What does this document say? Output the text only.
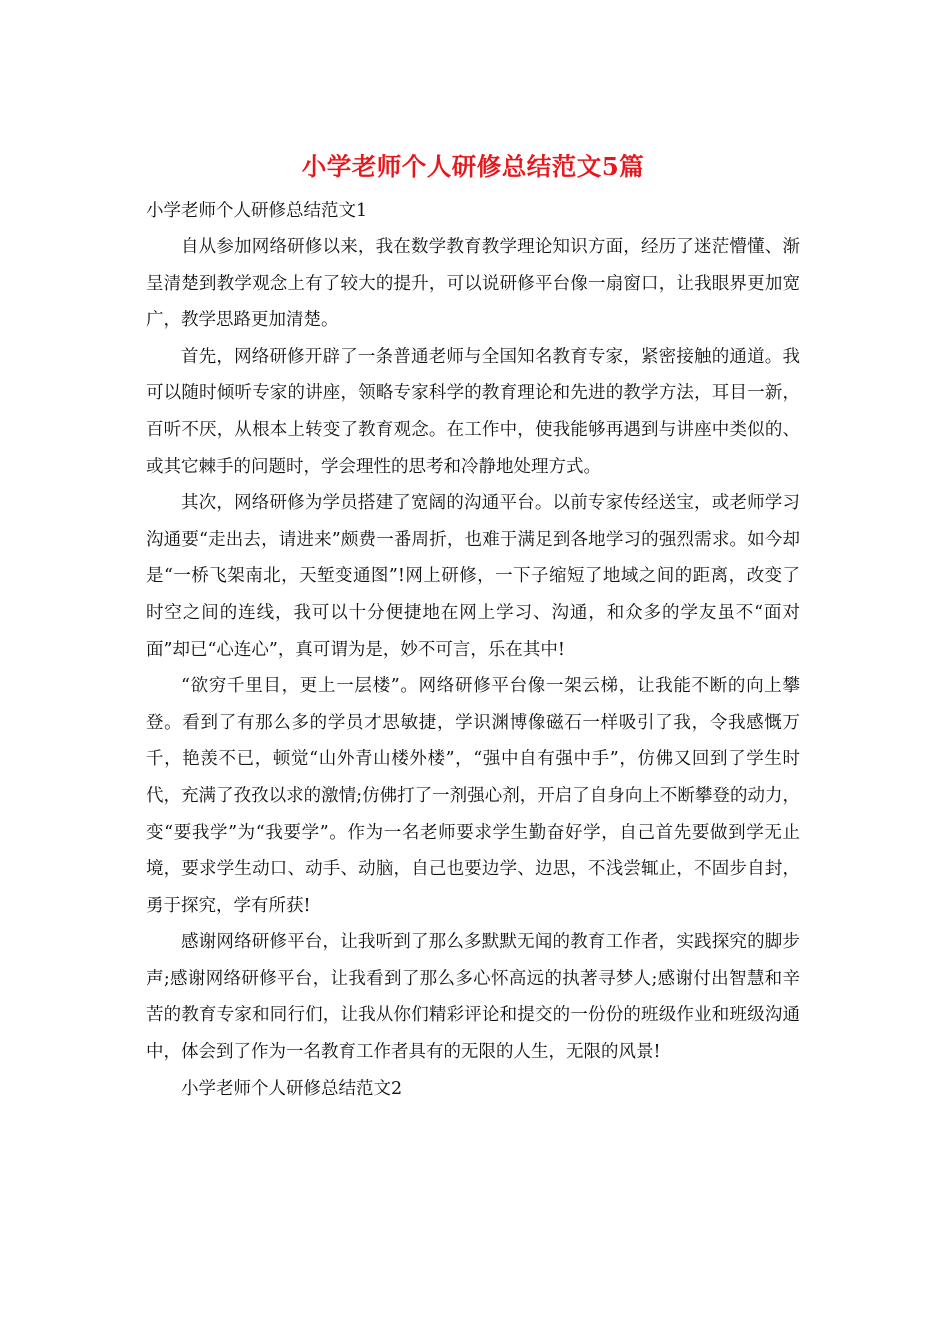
小学老师个人研修总结范文5篇

小学老师个人研修总结范文1

自从参加网络研修以来，我在数学教育教学理论知识方面，经历了迷茫懵懂、渐呈清楚到教学观念上有了较大的提升，可以说研修平台像一扇窗口，让我眼界更加宽广，教学思路更加清楚。

首先，网络研修开辟了一条普通老师与全国知名教育专家，紧密接触的通道。我可以随时倾听专家的讲座，领略专家科学的教育理论和先进的教学方法，耳目一新，百听不厌，从根本上转变了教育观念。在工作中，使我能够再遇到与讲座中类似的、或其它棘手的问题时，学会理性的思考和冷静地处理方式。

其次，网络研修为学员搭建了宽阔的沟通平台。以前专家传经送宝，或老师学习沟通要“走出去，请进来”颇费一番周折，也难于满足到各地学习的强烈需求。如今却是“一桥飞架南北，天堑变通图”!网上研修，一下子缩短了地域之间的距离，改变了时空之间的连线，我可以十分便捷地在网上学习、沟通，和众多的学友虽不“面对面”却已“心连心”，真可谓为是，妙不可言，乐在其中!

“欲穷千里目，更上一层楼”。网络研修平台像一架云梯，让我能不断的向上攀登。看到了有那么多的学员才思敏捷，学识渊博像磁石一样吸引了我，令我感慨万千，艳羡不已，顿觉“山外青山楼外楼”，“强中自有强中手”，仿佛又回到了学生时代，充满了孜孜以求的激情;仿佛打了一剂强心剂，开启了自身向上不断攀登的动力，变“要我学”为“我要学”。作为一名老师要求学生勤奋好学，自己首先要做到学无止境，要求学生动口、动手、动脑，自己也要边学、边思，不浅尝辄止，不固步自封，勇于探究，学有所获!

感谢网络研修平台，让我听到了那么多默默无闻的教育工作者，实践探究的脚步声;感谢网络研修平台，让我看到了那么多心怀高远的执著寻梦人;感谢付出智慧和辛苦的教育专家和同行们，让我从你们精彩评论和提交的一份份的班级作业和班级沟通中，体会到了作为一名教育工作者具有的无限的人生，无限的风景!

小学老师个人研修总结范文2
